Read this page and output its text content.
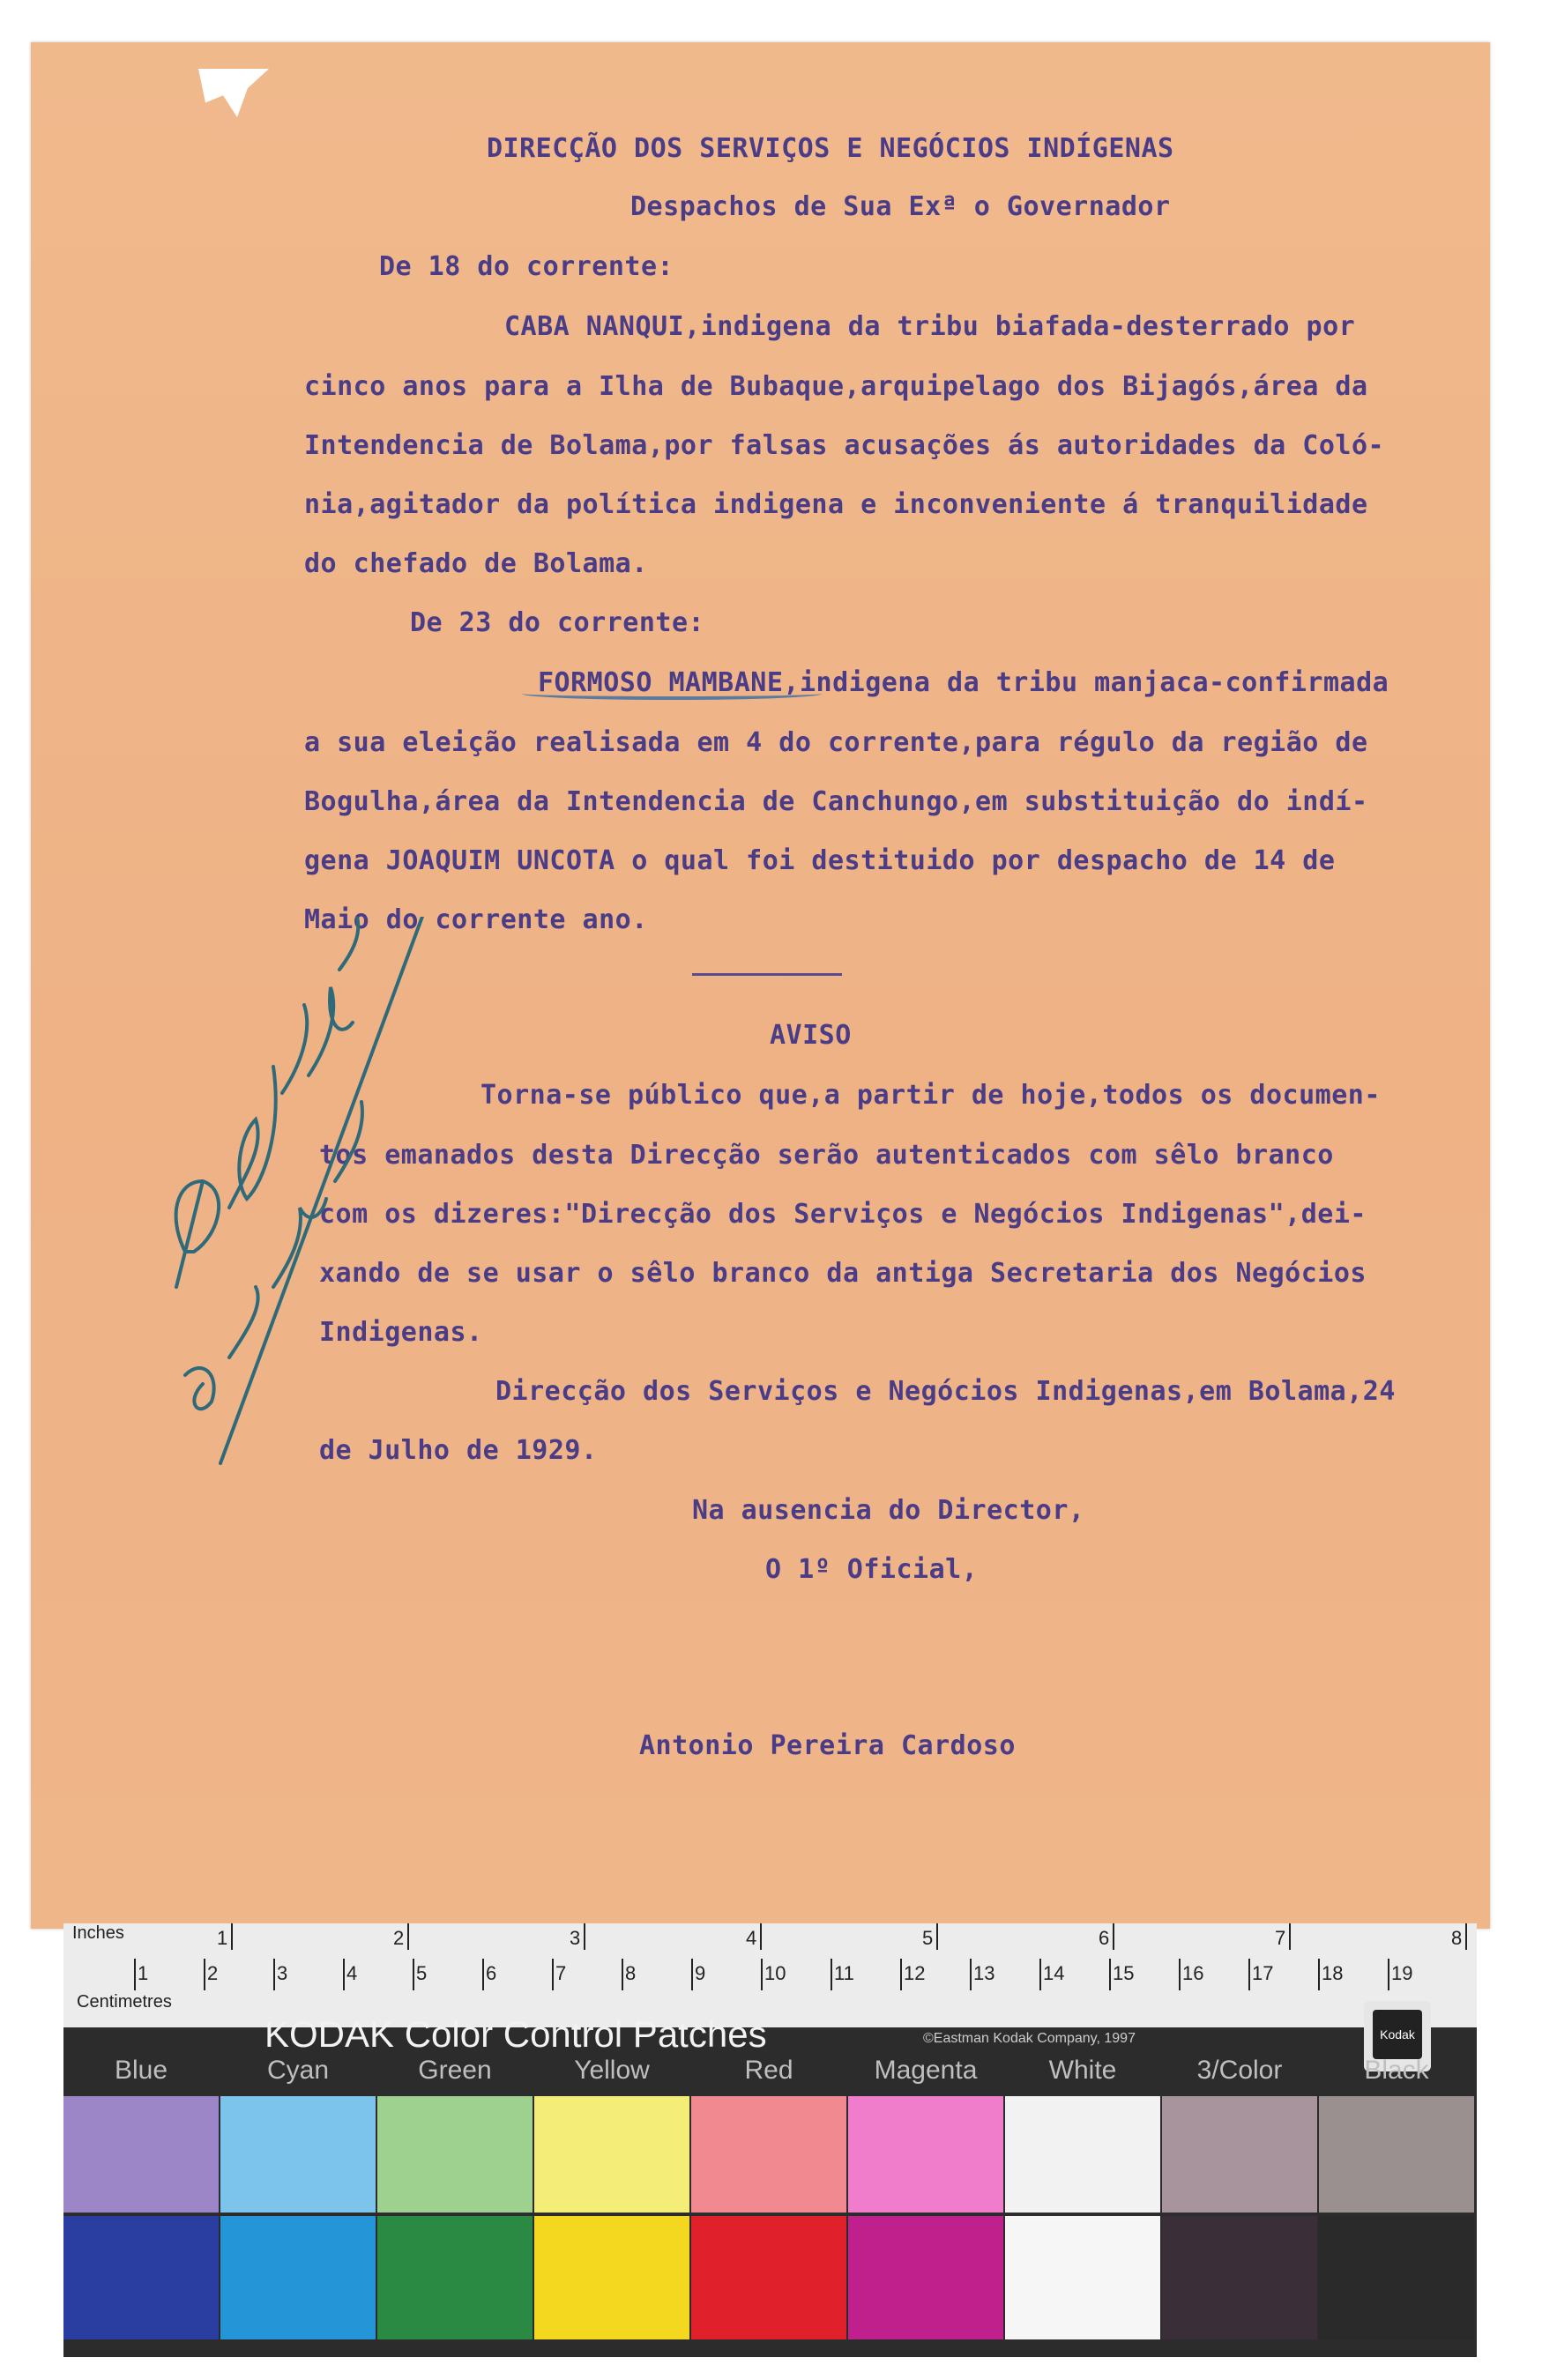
DIRECÇÃO DOS SERVIÇOS E NEGÓCIOS INDÍGENAS
Despachos de Sua Exª o Governador
De 18 do corrente:
CABA NANQUI,indigena da tribu biafada-desterrado por
cinco anos para a Ilha de Bubaque,arquipelago dos Bijagós,área da
Intendencia de Bolama,por falsas acusações ás autoridades da Coló-
nia,agitador da política indigena e inconveniente á tranquilidade
do chefado de Bolama.
De 23 do corrente:
FORMOSO MAMBANE,indigena da tribu manjaca-confirmada
a sua eleição realisada em 4 do corrente,para régulo da região de
Bogulha,área da Intendencia de Canchungo,em substituição do indí-
gena JOAQUIM UNCOTA o qual foi destituido por despacho de 14 de
Maio do corrente ano.
AVISO
Torna-se público que,a partir de hoje,todos os documen-
tos emanados desta Direcção serão autenticados com sêlo branco
com os dizeres:"Direcção dos Serviços e Negócios Indigenas",dei-
xando de se usar o sêlo branco da antiga Secretaria dos Negócios
Indigenas.
Direcção dos Serviços e Negócios Indigenas,em Bolama,24
de Julho de 1929.
Na ausencia do Director,
O 1º Oficial,
Antonio Pereira Cardoso
Inches
Centimetres
1	2	3	4	5	6	7	8
1	2	3	4	5	6	7	8	9	10 11	12 13 14 15 16 17 18 19
KODAK Color Control Patches	©Eastman Kodak Company, 1997	Kodak
Blue	Cyan	Green	Yellow	Red	Magenta	White	3/Color	Black
